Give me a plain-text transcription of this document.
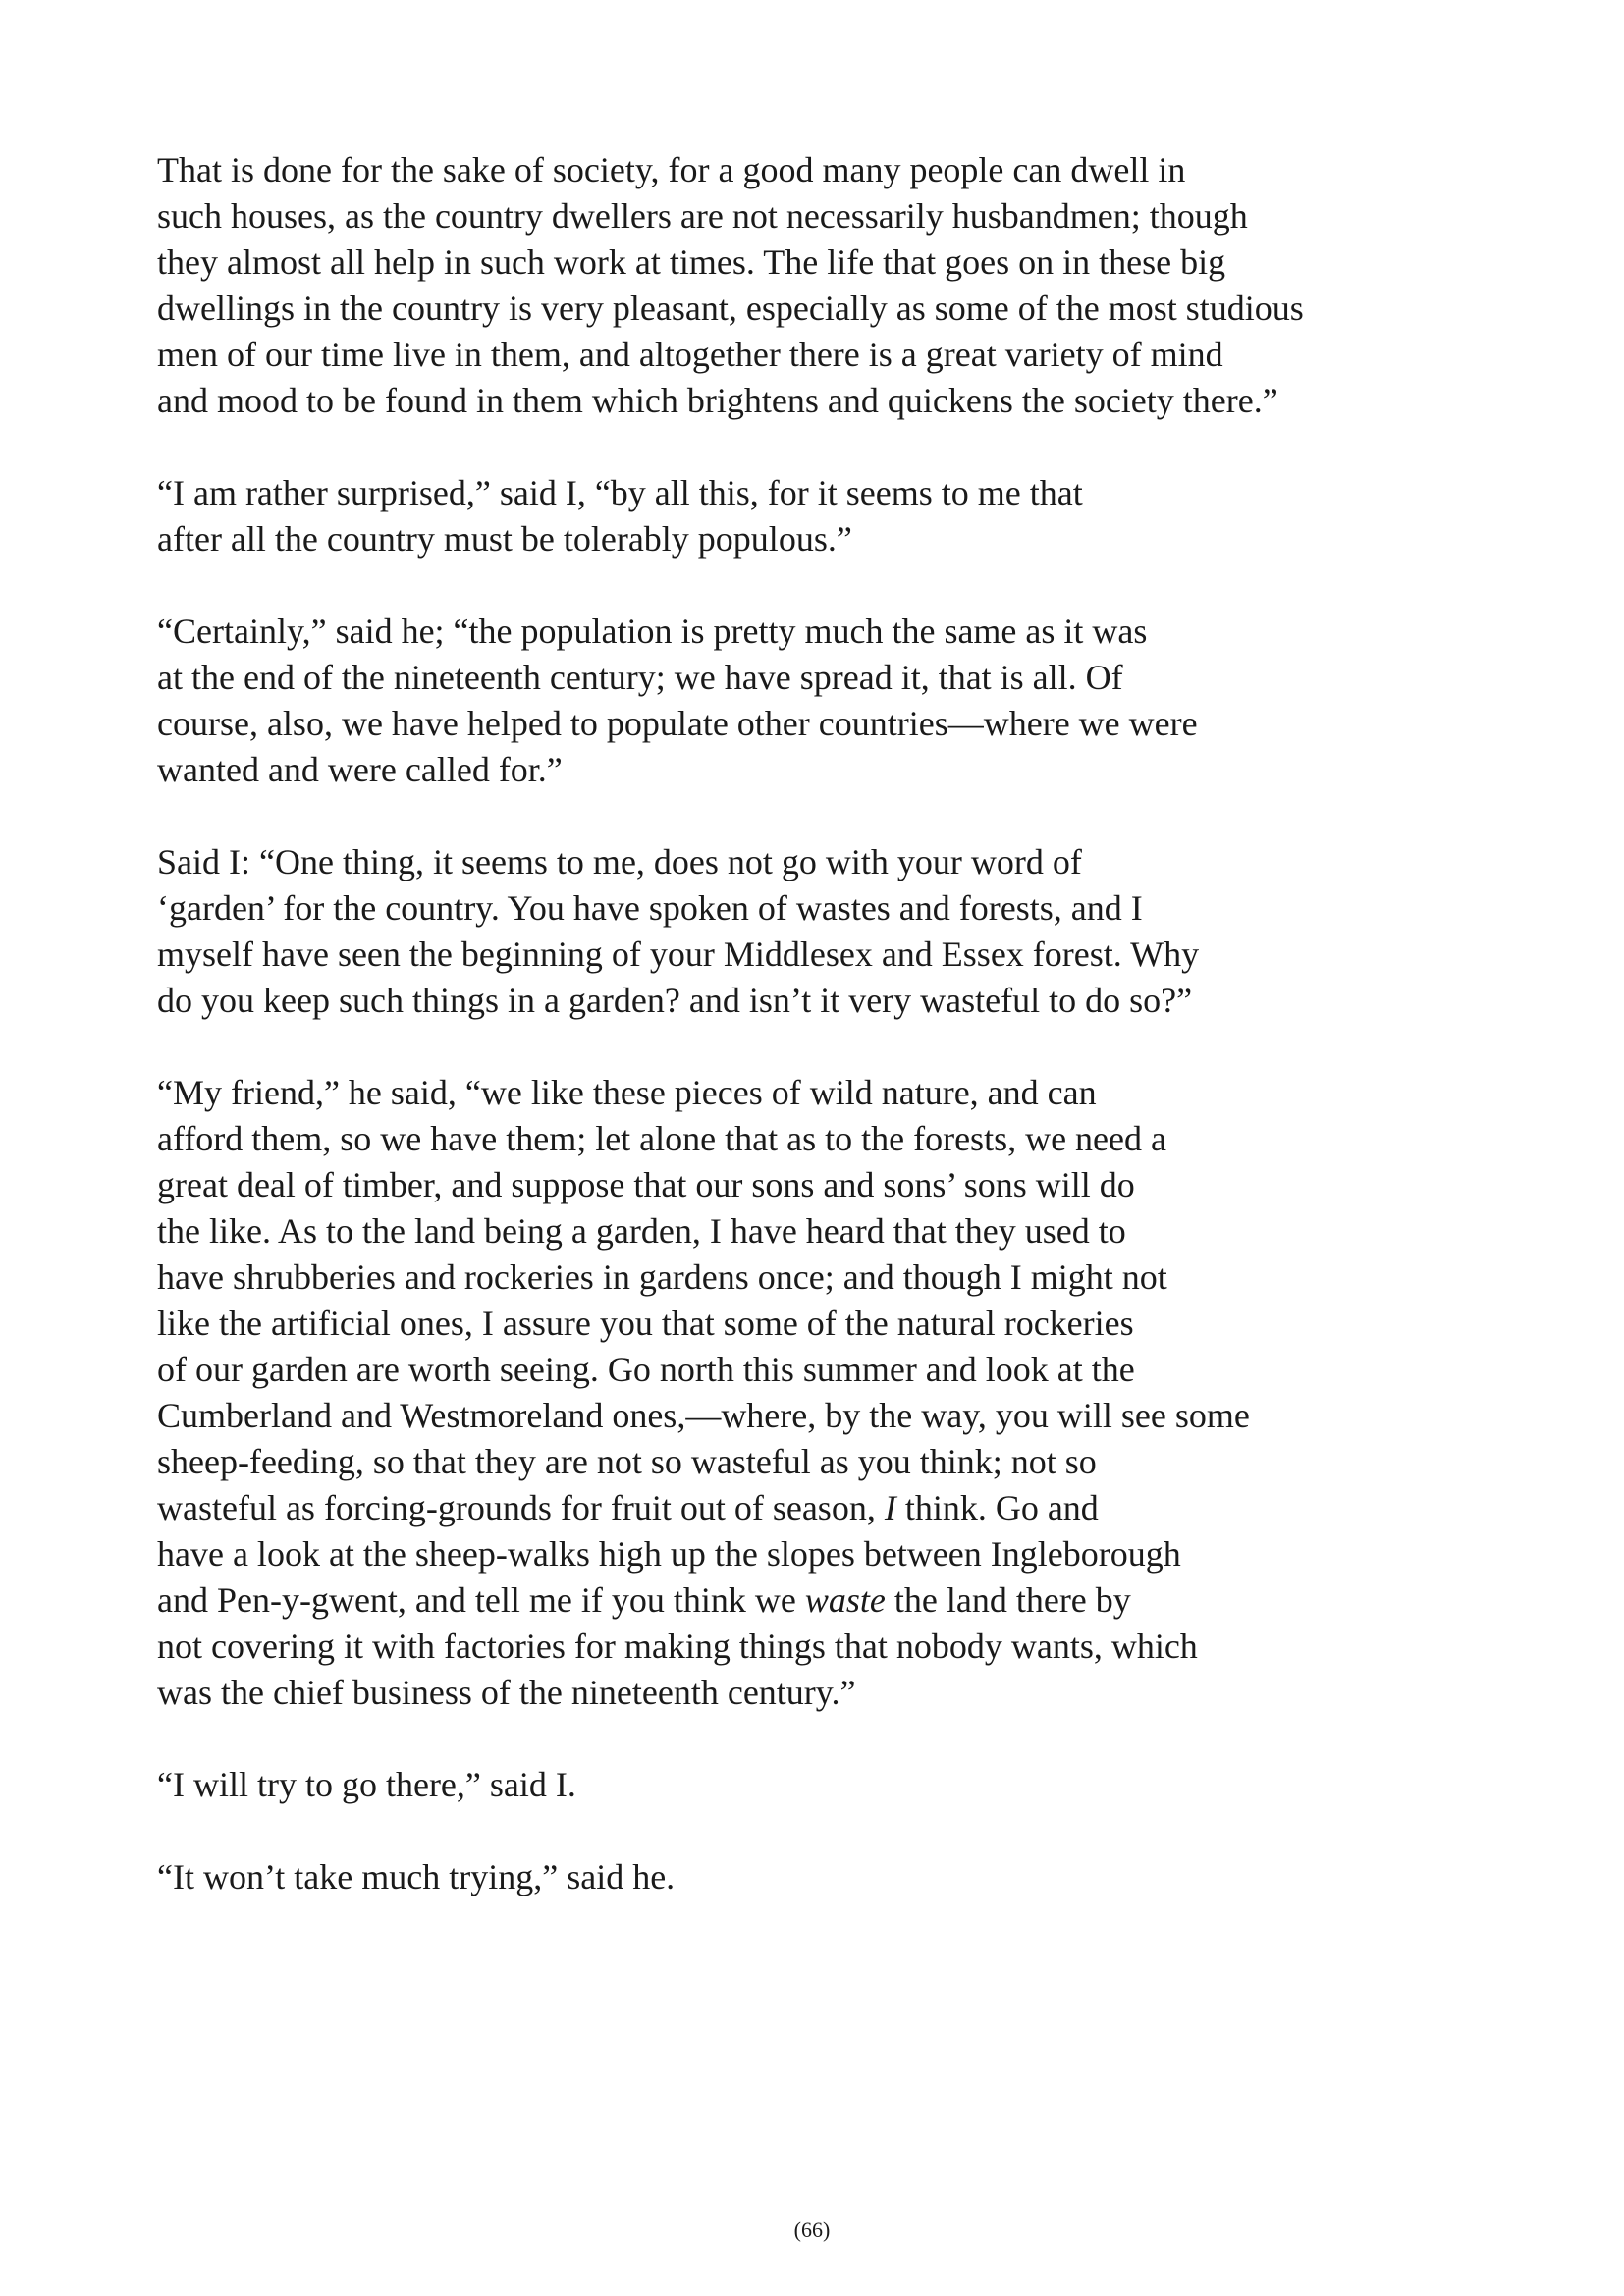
That is done for the sake of society, for a good many people can dwell in
such houses, as the country dwellers are not necessarily husbandmen; though
they almost all help in such work at times. The life that goes on in these big
dwellings in the country is very pleasant, especially as some of the most studious
men of our time live in them, and altogether there is a great variety of mind
and mood to be found in them which brightens and quickens the society there.”

“I am rather surprised,” said I, “by all this, for it seems to me that
after all the country must be tolerably populous.”

“Certainly,” said he; “the population is pretty much the same as it was
at the end of the nineteenth century; we have spread it, that is all. Of
course, also, we have helped to populate other countries—where we were
wanted and were called for.”

Said I: “One thing, it seems to me, does not go with your word of
‘garden’ for the country. You have spoken of wastes and forests, and I
myself have seen the beginning of your Middlesex and Essex forest. Why
do you keep such things in a garden? and isn’t it very wasteful to do so?”

“My friend,” he said, “we like these pieces of wild nature, and can
afford them, so we have them; let alone that as to the forests, we need a
great deal of timber, and suppose that our sons and sons’ sons will do
the like. As to the land being a garden, I have heard that they used to
have shrubberies and rockeries in gardens once; and though I might not
like the artificial ones, I assure you that some of the natural rockeries
of our garden are worth seeing. Go north this summer and look at the
Cumberland and Westmoreland ones,—where, by the way, you will see some
sheep-feeding, so that they are not so wasteful as you think; not so
wasteful as forcing-grounds for fruit out of season, I think. Go and
have a look at the sheep-walks high up the slopes between Ingleborough
and Pen-y-gwent, and tell me if you think we waste the land there by
not covering it with factories for making things that nobody wants, which
was the chief business of the nineteenth century.”

“I will try to go there,” said I.

“It won’t take much trying,” said he.

(66)
